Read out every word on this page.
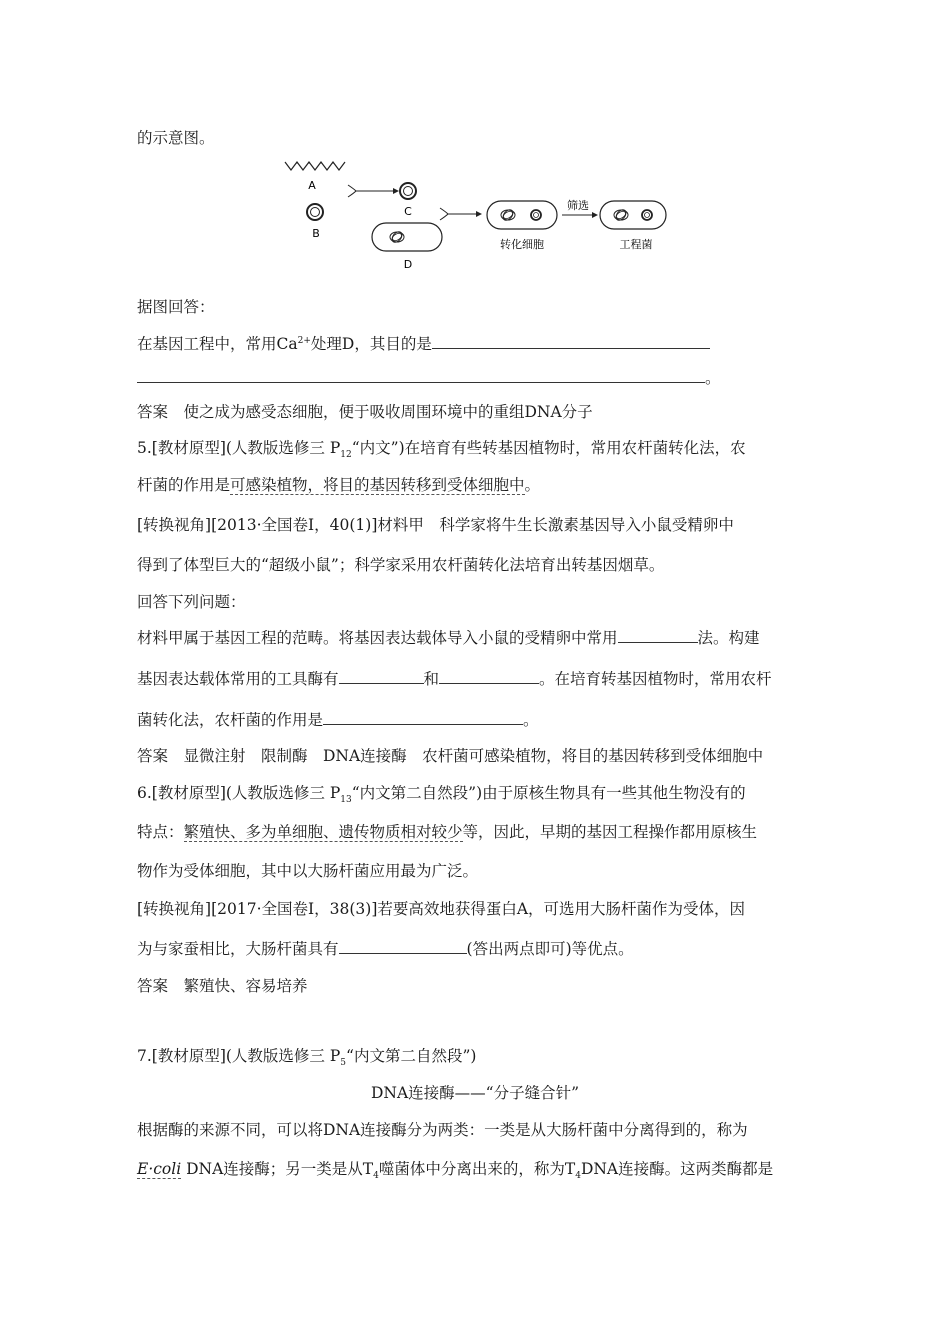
的示意图。
A
B
C
D
转化细胞
筛选
工程菌
据图回答：
在基因工程中，常用$Ca^{2+}$处理D，其目的是
。
答案　使之成为感受态细胞，便于吸收周围环境中的重组DNA分子
5.[教材原型](人教版选修三 $P_{12}“$内文”)在培育有些转基因植物时，常用农杆菌转化法，农
杆菌的作用是可感染植物，将目的基因转移到受体细胞中。
[转换视角][2013·全国卷Ⅰ，40(1)]材料甲　科学家将牛生长激素基因导入小鼠受精卵中
得到了体型巨大的“超级小鼠”；科学家采用农杆菌转化法培育出转基因烟草。
回答下列问题：
材料甲属于基因工程的范畴。将基因表达载体导入小鼠的受精卵中常用	法。构建
基因表达载体常用的工具酶有	和	。在培育转基因植物时，常用农杆
菌转化法，农杆菌的作用是	。
答案　显微注射　限制酶　DNA连接酶　农杆菌可感染植物，将目的基因转移到受体细胞中
6.[教材原型](人教版选修三 $P_{13}“$内文第二自然段”)由于原核生物具有一些其他生物没有的
特点：繁殖快、多为单细胞、遗传物质相对较少等，因此，早期的基因工程操作都用原核生
物作为受体细胞，其中以大肠杆菌应用最为广泛。
[转换视角][2017·全国卷Ⅰ，38(3)]若要高效地获得蛋白A，可选用大肠杆菌作为受体，因
为与家蚕相比，大肠杆菌具有	(答出两点即可)等优点。
答案　繁殖快、容易培养
7.[教材原型](人教版选修三 $P_5“$内文第二自然段”)
DNA连接酶——“分子缝合针”
根据酶的来源不同，可以将DNA连接酶分为两类：一类是从大肠杆菌中分离得到的，称为
E·coli DNA连接酶；另一类是从$T_4$噬菌体中分离出来的，称为$T_4DNA$连接酶。这两类酶都是
